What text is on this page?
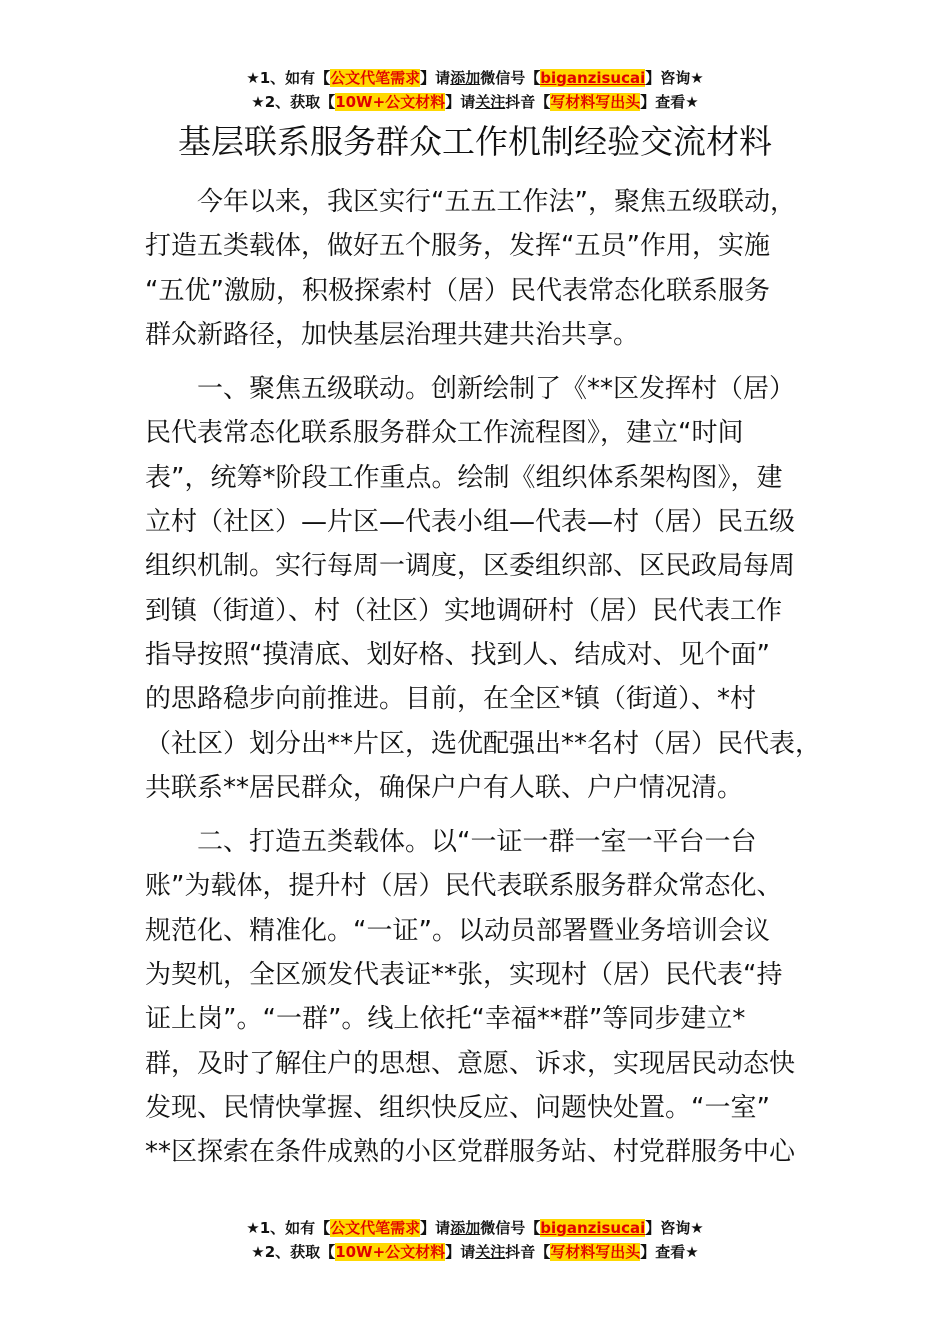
★1、如有【公文代笔需求】请添加微信号【biganzisucai】咨询★
★2、获取【10W+公文材料】请关注抖音【写材料写出头】查看★
基层联系服务群众工作机制经验交流材料

今年以来，我区实行“五五工作法”，聚焦五级联动，

打造五类载体，做好五个服务，发挥“五员”作用，实施

“五优”激励，积极探索村（居）民代表常态化联系服务

群众新路径，加快基层治理共建共治共享。

一、聚焦五级联动。创新绘制了《**区发挥村（居）

民代表常态化联系服务群众工作流程图》，建立“时间

表”，统筹*阶段工作重点。绘制《组织体系架构图》，建

立村（社区）—片区—代表小组—代表—村（居）民五级

组织机制。实行每周一调度，区委组织部、区民政局每周

到镇（街道）、村（社区）实地调研村（居）民代表工作

指导按照“摸清底、划好格、找到人、结成对、见个面”

的思路稳步向前推进。目前，在全区*镇（街道）、*村

（社区）划分出**片区，选优配强出**名村（居）民代表，

共联系**居民群众，确保户户有人联、户户情况清。

二、打造五类载体。以“一证一群一室一平台一台

账”为载体，提升村（居）民代表联系服务群众常态化、

规范化、精准化。“一证”。以动员部署暨业务培训会议

为契机，全区颁发代表证**张，实现村（居）民代表“持

证上岗”。“一群”。线上依托“幸福**群”等同步建立*

群，及时了解住户的思想、意愿、诉求，实现居民动态快

发现、民情快掌握、组织快反应、问题快处置。“一室”

**区探索在条件成熟的小区党群服务站、村党群服务中心

★1、如有【公文代笔需求】请添加微信号【biganzisucai】咨询★
★2、获取【10W+公文材料】请关注抖音【写材料写出头】查看★
